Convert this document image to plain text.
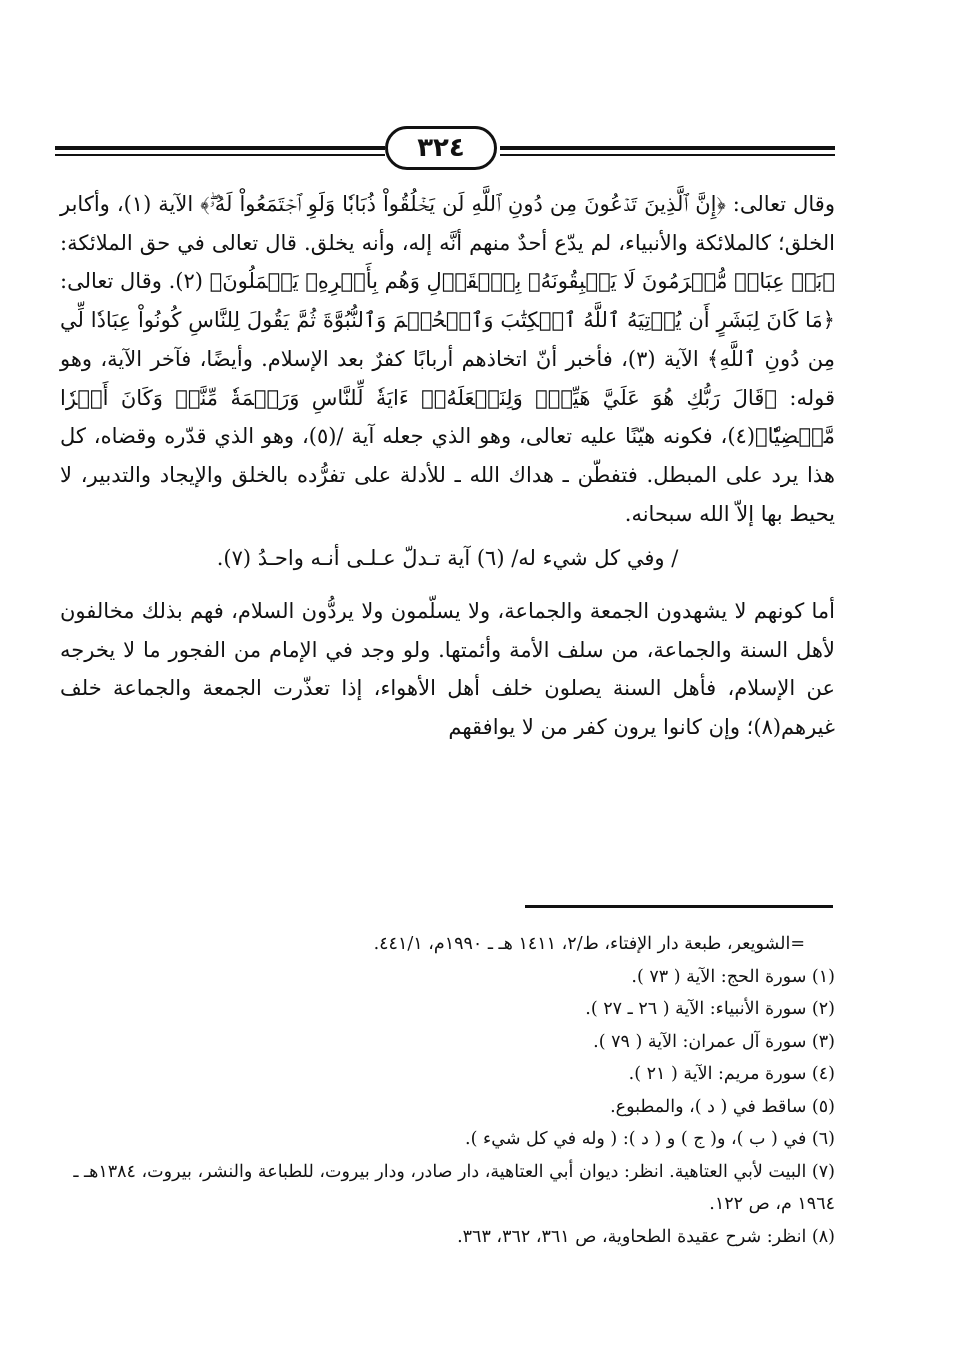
٣٢٤

وقال تعالى: ﴿إِنَّ ٱلَّذِينَ تَدۡعُونَ مِن دُونِ ٱللَّهِ لَن يَخۡلُقُواْ ذُبَابٗا وَلَوِ ٱجۡتَمَعُواْ لَهُۥۖ﴾ الآية (١)، وأكابر الخلق؛ كالملائكة والأنبياء، لم يدّع أحدٌ منهم أنَّه إله، وأنه يخلق. قال تعالى في حق الملائكة: ﴿بَلۡ عِبَادٞ مُّكۡرَمُونَ لَا يَسۡبِقُونَهُۥ بِٱلۡقَوۡلِ وَهُم بِأَمۡرِهِۦ يَعۡمَلُونَ﴾ (٢). وقال تعالى: ﴿مَا كَانَ لِبَشَرٍ أَن يُؤۡتِيَهُ ٱللَّهُ ٱلۡكِتَٰبَ وَٱلۡحُكۡمَ وَٱلنُّبُوَّةَ ثُمَّ يَقُولَ لِلنَّاسِ كُونُواْ عِبَادٗا لِّي مِن دُونِ ٱللَّهِ﴾ الآية (٣)، فأخبر أنّ اتخاذهم أربابًا كفرٌ بعد الإسلام. وأيضًا، فآخر الآية، وهو قوله: ﴿قَالَ رَبُّكِ هُوَ عَلَيَّ هَيِّنٞۖ وَلِنَجۡعَلَهُۥٓ ءَايَةٗ لِّلنَّاسِ وَرَحۡمَةٗ مِّنَّاۚ وَكَانَ أَمۡرٗا مَّقۡضِيّٗا﴾(٤)، فكونه هيّنًا عليه تعالى، وهو الذي جعله آية /(٥)، وهو الذي قدّره وقضاه، كل هذا يرد على المبطل. فتفطّن ـ هداك الله ـ للأدلة على تفرُّده بالخلق والإيجاد والتدبير، لا يحيط بها إلاّ الله سبحانه.

/ وفي كل شيء له/ (٦) آية تـدلّ عـلـى أنـه واحـدُ (٧).

أما كونهم لا يشهدون الجمعة والجماعة، ولا يسلّمون ولا يردُّون السلام، فهم بذلك مخالفون لأهل السنة والجماعة، من سلف الأمة وأئمتها. ولو وجد في الإمام من الفجور ما لا يخرجه عن الإسلام، فأهل السنة يصلون خلف أهل الأهواء، إذا تعذّرت الجمعة والجماعة خلف غيرهم(٨)؛ وإن كانوا يرون كفر من لا يوافقهم

=الشويعر، طبعة دار الإفتاء، ط/٢، ١٤١١ هـ ـ ١٩٩٠م، ٤٤١/١.

(١) سورة الحج: الآية ( ٧٣ ).

(٢) سورة الأنبياء: الآية ( ٢٦ ـ ٢٧ ).

(٣) سورة آل عمران: الآية ( ٧٩ ).

(٤) سورة مريم: الآية ( ٢١ ).

(٥) ساقط في ( د )، والمطبوع.

(٦) في ( ب )، و( ج ) و ( د ): ( وله في كل شيء ).

(٧) البيت لأبي العتاهية. انظر: ديوان أبي العتاهية، دار صادر، ودار بيروت، للطباعة والنشر، بيروت، ١٣٨٤هـ ـ ١٩٦٤ م، ص ١٢٢.

(٨) انظر: شرح عقيدة الطحاوية، ص ٣٦١، ٣٦٢، ٣٦٣.
